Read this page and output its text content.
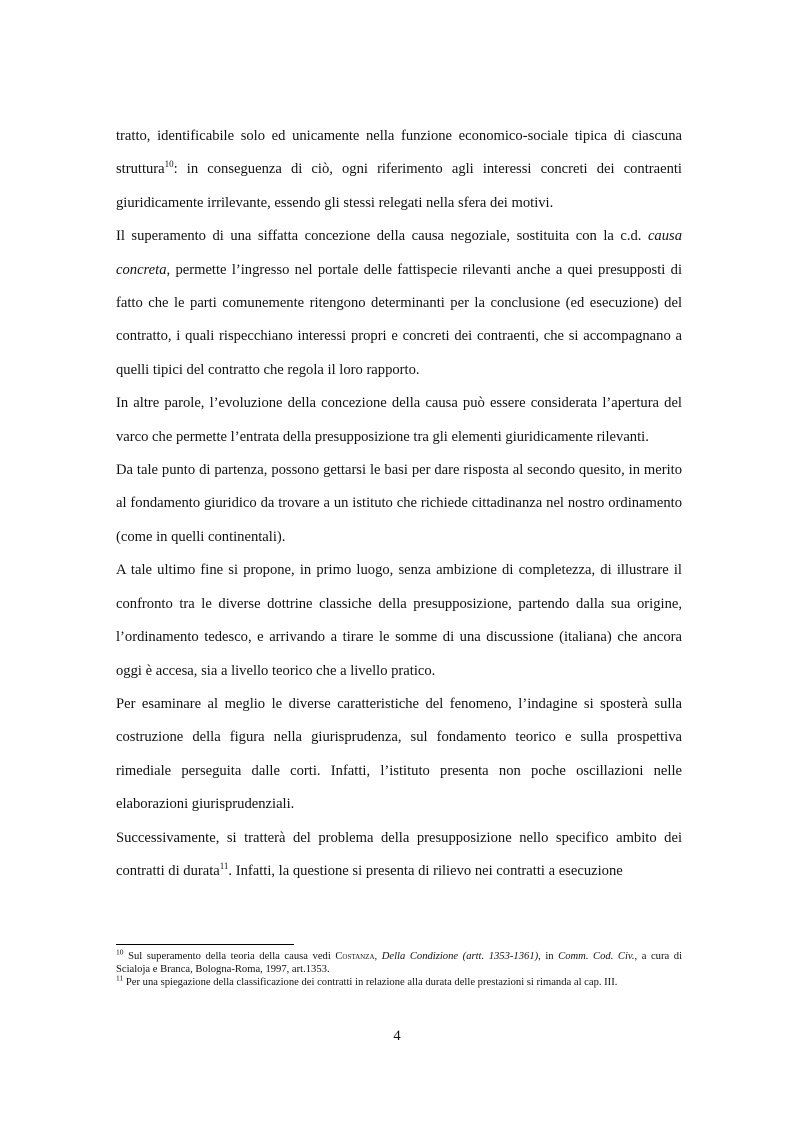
tratto, identificabile solo ed unicamente nella funzione economico-sociale tipica di ciascuna struttura$^{10}$: in conseguenza di ciò, ogni riferimento agli interessi concreti dei contraenti giuridicamente irrilevante, essendo gli stessi relegati nella sfera dei motivi.

Il superamento di una siffatta concezione della causa negoziale, sostituita con la c.d. causa concreta, permette l’ingresso nel portale delle fattispecie rilevanti anche a quei presupposti di fatto che le parti comunemente ritengono determinanti per la conclusione (ed esecuzione) del contratto, i quali rispecchiano interessi propri e concreti dei contraenti, che si accompagnano a quelli tipici del contratto che regola il loro rapporto.

In altre parole, l’evoluzione della concezione della causa può essere considerata l’apertura del varco che permette l’entrata della presupposizione tra gli elementi giuridicamente rilevanti.

Da tale punto di partenza, possono gettarsi le basi per dare risposta al secondo quesito, in merito al fondamento giuridico da trovare a un istituto che richiede cittadinanza nel nostro ordinamento (come in quelli continentali).

A tale ultimo fine si propone, in primo luogo, senza ambizione di completezza, di illustrare il confronto tra le diverse dottrine classiche della presupposizione, partendo dalla sua origine, l’ordinamento tedesco, e arrivando a tirare le somme di una discussione (italiana) che ancora oggi è accesa, sia a livello teorico che a livello pratico.

Per esaminare al meglio le diverse caratteristiche del fenomeno, l’indagine si sposterà sulla costruzione della figura nella giurisprudenza, sul fondamento teorico e sulla prospettiva rimediale perseguita dalle corti. Infatti, l’istituto presenta non poche oscillazioni nelle elaborazioni giurisprudenziali.

Successivamente, si tratterà del problema della presupposizione nello specifico ambito dei contratti di durata$^{11}$. Infatti, la questione si presenta di rilievo nei contratti a esecuzione

$^{10}$ Sul superamento della teoria della causa vedi Costanza, Della Condizione (artt. 1353-1361), in Comm. Cod. Civ., a cura di Scialoja e Branca, Bologna-Roma, 1997, art.1353.

$^{11}$ Per una spiegazione della classificazione dei contratti in relazione alla durata delle prestazioni si rimanda al cap. III.

4
